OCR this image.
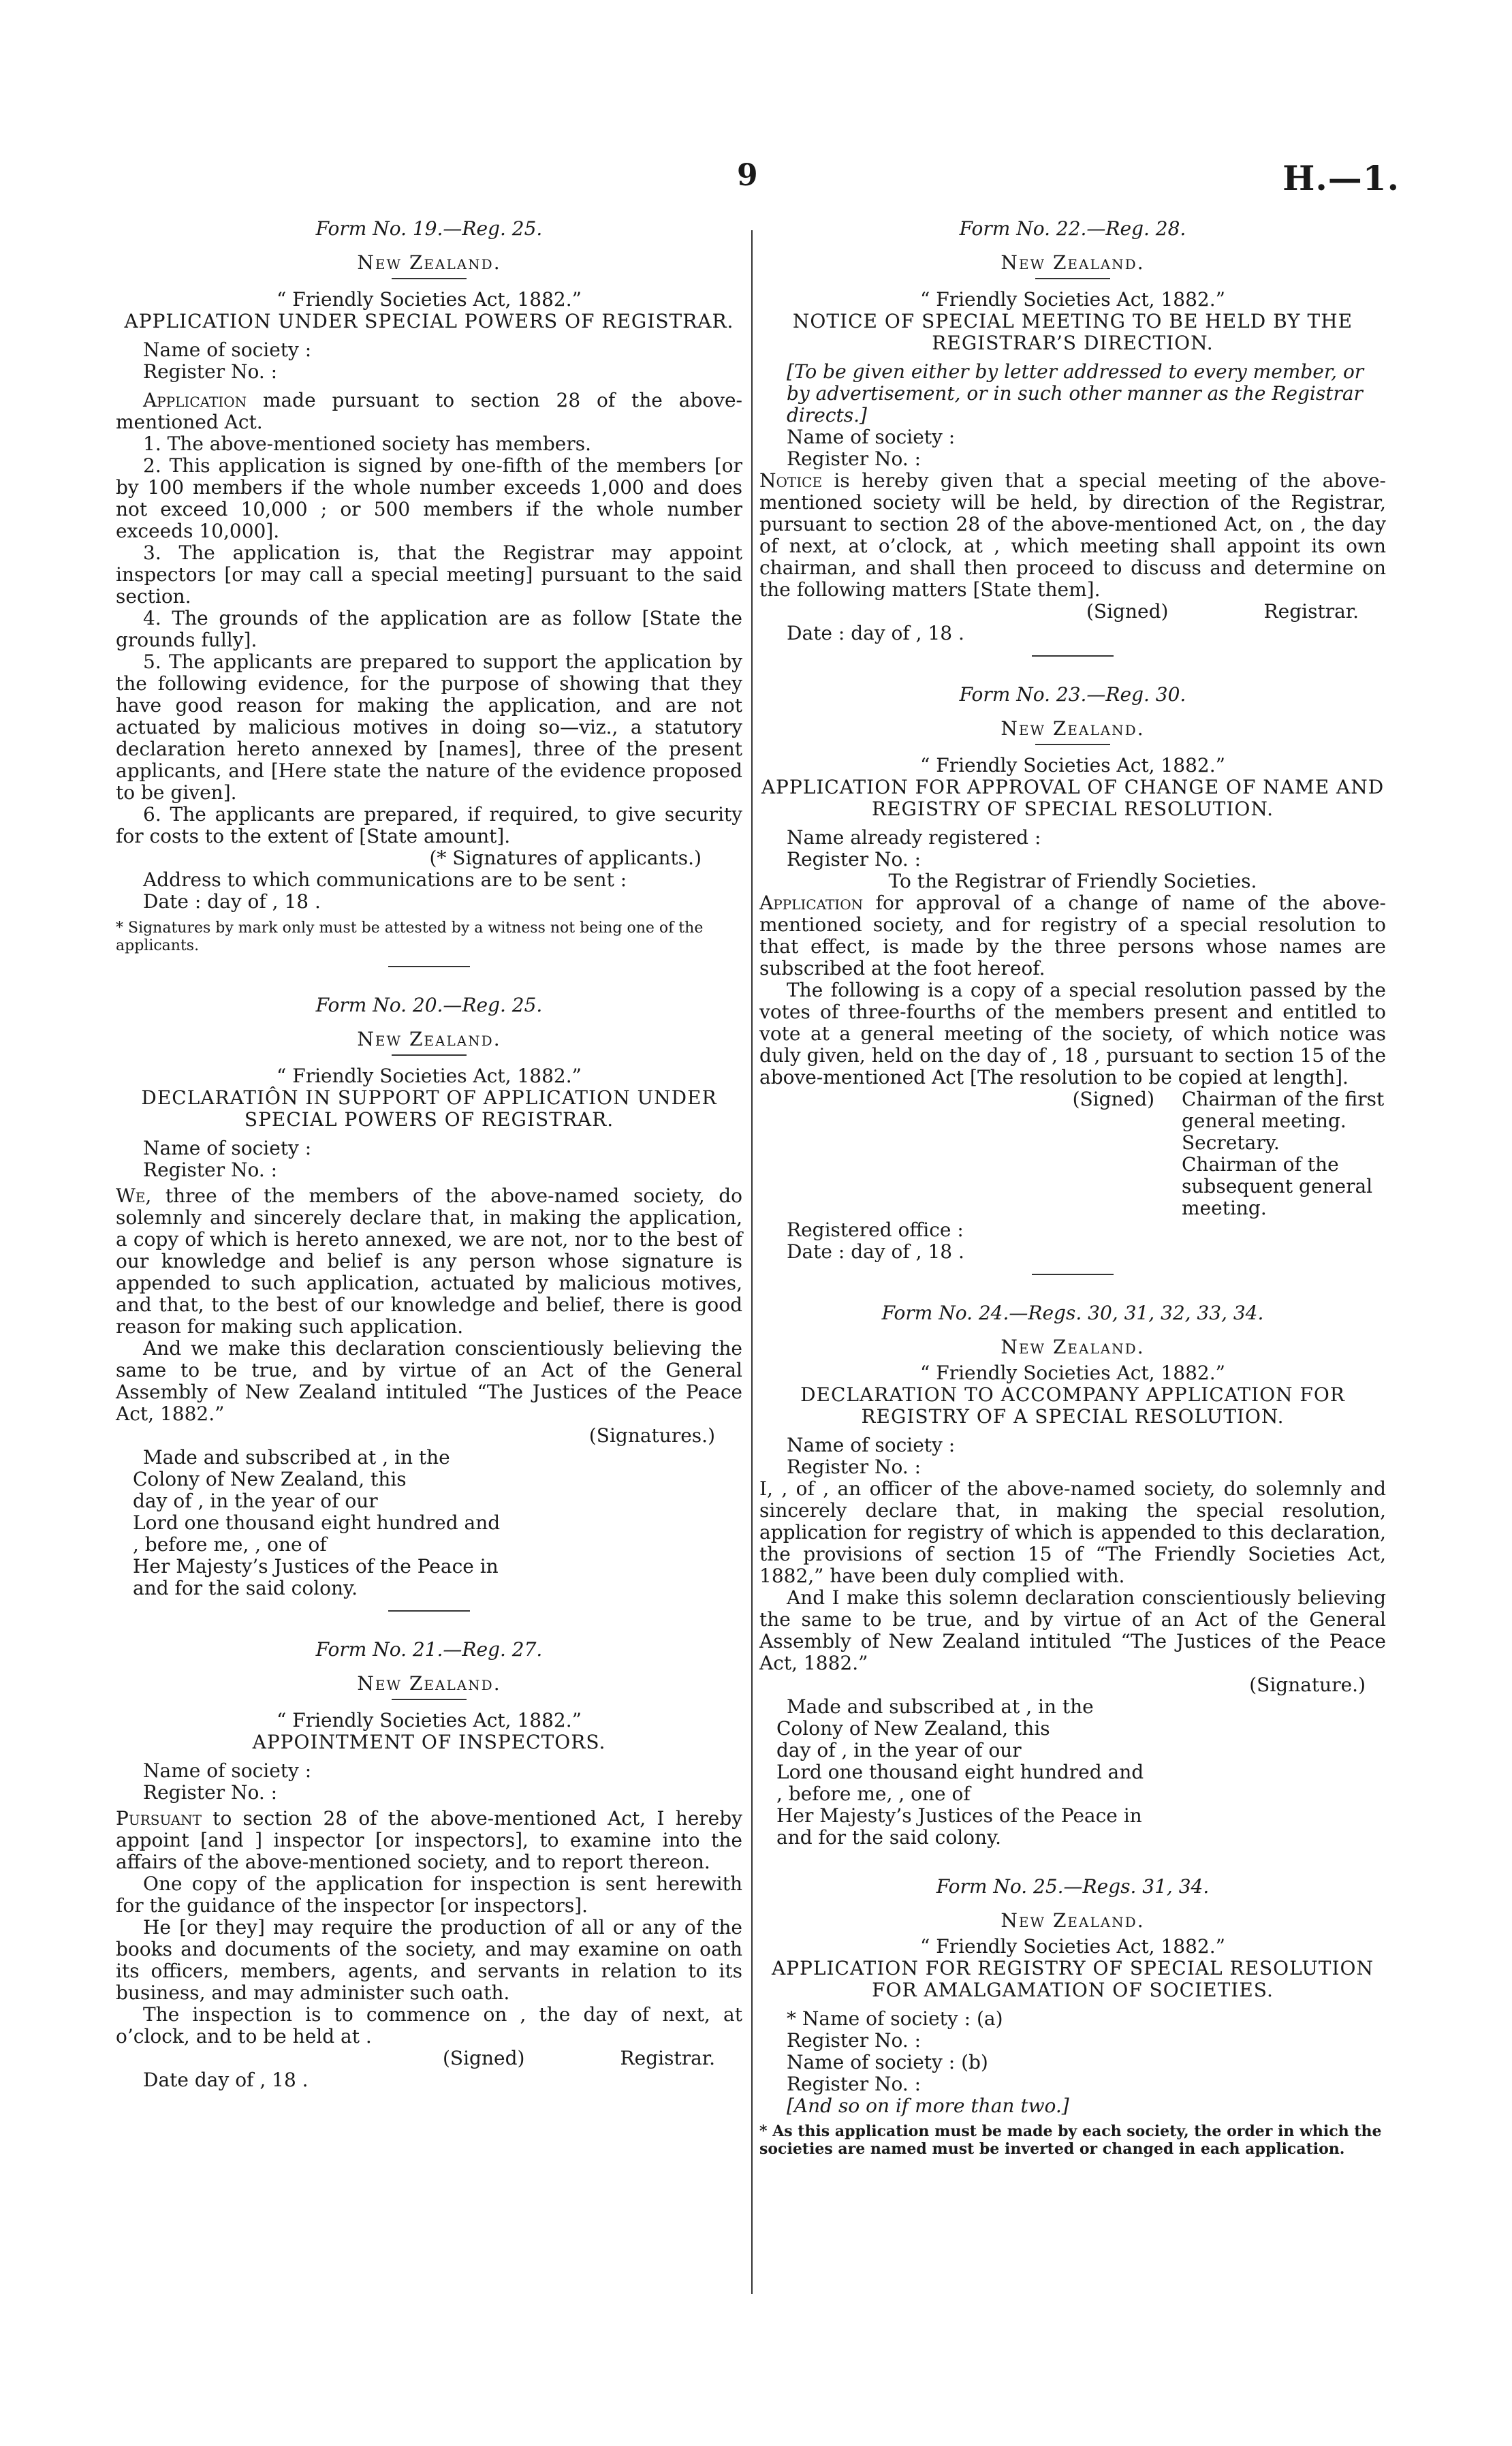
9	H.—1.

Form No. 19.—Reg. 25.

New Zealand.

“ Friendly Societies Act, 1882.”

APPLICATION UNDER SPECIAL POWERS OF REGISTRAR.

Name of society :

Register No. :

Application made pursuant to section 28 of the above-mentioned Act.

1. The above-mentioned society has members.

2. This application is signed by one-fifth of the members [or by 100 members if the whole number exceeds 1,000 and does not exceed 10,000 ; or 500 members if the whole number exceeds 10,000].

3. The application is, that the Registrar may appoint inspectors [or may call a special meeting] pursuant to the said section.

4. The grounds of the application are as follow [State the grounds fully].

5. The applicants are prepared to support the application by the following evidence, for the purpose of showing that they have good reason for making the application, and are not actuated by malicious motives in doing so—viz., a statutory declaration hereto annexed by [names], three of the present applicants, and [Here state the nature of the evidence proposed to be given].

6. The applicants are prepared, if required, to give security for costs to the extent of [State amount].

(* Signatures of applicants.)

Address to which communications are to be sent :

Date : day of , 18 .

* Signatures by mark only must be attested by a witness not being one of the applicants.

Form No. 20.—Reg. 25.

New Zealand.

“ Friendly Societies Act, 1882.”

DECLARATIÔN IN SUPPORT OF APPLICATION UNDER SPECIAL POWERS OF REGISTRAR.

Name of society :

Register No. :

We, three of the members of the above-named society, do solemnly and sincerely declare that, in making the application, a copy of which is hereto annexed, we are not, nor to the best of our knowledge and belief is any person whose signature is appended to such application, actuated by malicious motives, and that, to the best of our knowledge and belief, there is good reason for making such application.

And we make this declaration conscientiously believing the same to be true, and by virtue of an Act of the General Assembly of New Zealand intituled “The Justices of the Peace Act, 1882.”

(Signatures.)

Made and subscribed at , in the

Colony of New Zealand, this

day of , in the year of our

Lord one thousand eight hundred and

, before me, , one of

Her Majesty’s Justices of the Peace in

and for the said colony.

Form No. 21.—Reg. 27.

New Zealand.

“ Friendly Societies Act, 1882.”

APPOINTMENT OF INSPECTORS.

Name of society :

Register No. :

Pursuant to section 28 of the above-mentioned Act, I hereby appoint [and ] inspector [or inspectors], to examine into the affairs of the above-mentioned society, and to report thereon.

One copy of the application for inspection is sent herewith for the guidance of the inspector [or inspectors].

He [or they] may require the production of all or any of the books and documents of the society, and may examine on oath its officers, members, agents, and servants in relation to its business, and may administer such oath.

The inspection is to commence on , the day of next, at o’clock, and to be held at .

(Signed)	Registrar.

Date day of , 18 .

Form No. 22.—Reg. 28.

New Zealand.

“ Friendly Societies Act, 1882.”

NOTICE OF SPECIAL MEETING TO BE HELD BY THE REGISTRAR’S DIRECTION.

[To be given either by letter addressed to every member, or by advertisement, or in such other manner as the Registrar directs.]

Name of society :

Register No. :

Notice is hereby given that a special meeting of the above-mentioned society will be held, by direction of the Registrar, pursuant to section 28 of the above-mentioned Act, on , the day of next, at o’clock, at , which meeting shall appoint its own chairman, and shall then proceed to discuss and determine on the following matters [State them].

(Signed)	Registrar.

Date : day of , 18 .

Form No. 23.—Reg. 30.

New Zealand.

“ Friendly Societies Act, 1882.”

APPLICATION FOR APPROVAL OF CHANGE OF NAME AND REGISTRY OF SPECIAL RESOLUTION.

Name already registered :

Register No. :

To the Registrar of Friendly Societies.

Application for approval of a change of name of the above-mentioned society, and for registry of a special resolution to that effect, is made by the three persons whose names are subscribed at the foot hereof.

The following is a copy of a special resolution passed by the votes of three-fourths of the members present and entitled to vote at a general meeting of the society, of which notice was duly given, held on the day of , 18 , pursuant to section 15 of the above-mentioned Act [The resolution to be copied at length].

(Signed) Chairman of the first general meeting.

Secretary.

Chairman of the subsequent general meeting.

Registered office :

Date : day of , 18 .

Form No. 24.—Regs. 30, 31, 32, 33, 34.

New Zealand.

“ Friendly Societies Act, 1882.”

DECLARATION TO ACCOMPANY APPLICATION FOR REGISTRY OF A SPECIAL RESOLUTION.

Name of society :

Register No. :

I, , of , an officer of the above-named society, do solemnly and sincerely declare that, in making the special resolution, application for registry of which is appended to this declaration, the provisions of section 15 of “The Friendly Societies Act, 1882,” have been duly complied with.

And I make this solemn declaration conscientiously believing the same to be true, and by virtue of an Act of the General Assembly of New Zealand intituled “The Justices of the Peace Act, 1882.”

(Signature.)

Made and subscribed at , in the

Colony of New Zealand, this

day of , in the year of our

Lord one thousand eight hundred and

, before me, , one of

Her Majesty’s Justices of the Peace in

and for the said colony.

Form No. 25.—Regs. 31, 34.

New Zealand.

“ Friendly Societies Act, 1882.”

APPLICATION FOR REGISTRY OF SPECIAL RESOLUTION FOR AMALGAMATION OF SOCIETIES.

* Name of society : (a)

Register No. :

Name of society : (b)

Register No. :

[And so on if more than two.]

* As this application must be made by each society, the order in which the societies are named must be inverted or changed in each application.
